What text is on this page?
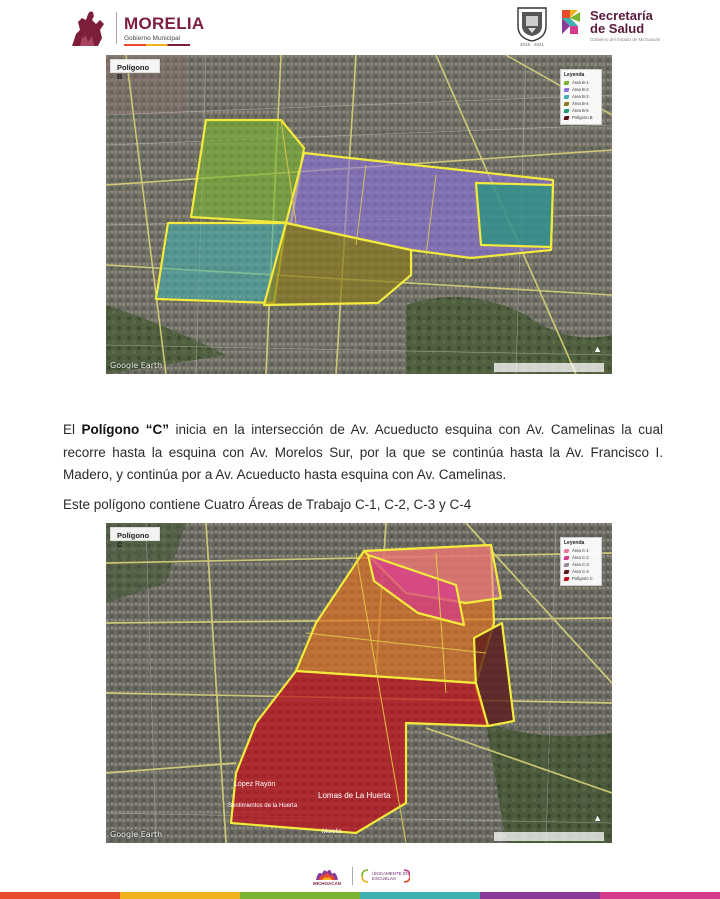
MORELIA
Gobierno Municipal
2015 · 2021
Secretaría
de Salud
Gobierno del Estado de Michoacán
Polígono B	Leyenda
Área B-1
Área B-2
Área B-3
Área B-4
Área B-5
Polígono B
Google Earth
▲
El Polígono “C” inicia en la intersección de Av. Acueducto esquina con Av. Camelinas la cual recorre hasta la esquina con Av. Morelos Sur, por la que se continúa hasta la Av. Francisco I. Madero, y continúa por a Av. Acueducto hasta esquina con Av. Camelinas.
Este polígono contiene Cuatro Áreas de Trabajo C-1, C-2, C-3 y C-4
Polígono C	Leyenda
Área C-1
Área C-2
Área C-3
Área C-4
Polígono C
Lomas de La Huerta
López Rayón
Sentimientos de la Huerta
Morelia
Google Earth
▲
MICHOACÁN
ÚNICAMENTE EN ESCUELAS
